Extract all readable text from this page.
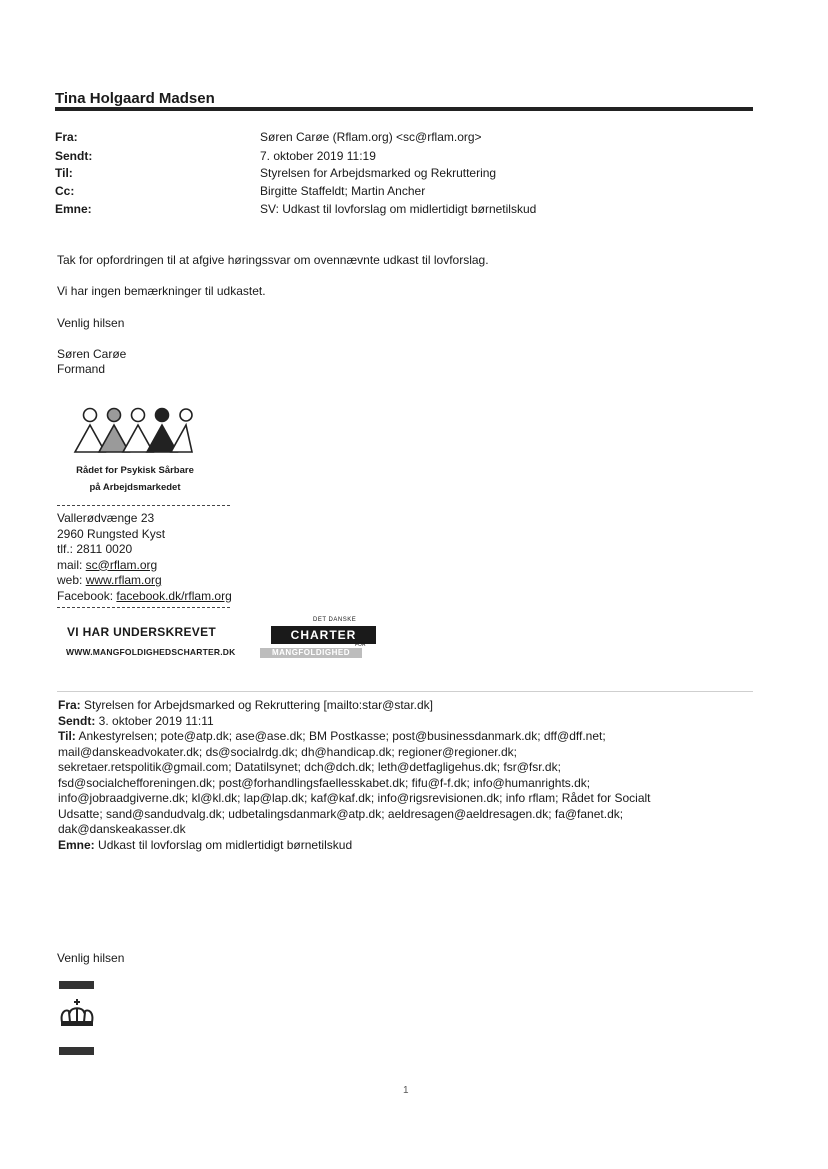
Tina Holgaard Madsen
Fra:	Søren Carøe (Rflam.org) <sc@rflam.org>
Sendt:	7. oktober 2019 11:19
Til:	Styrelsen for Arbejdsmarked og Rekruttering
Cc:	Birgitte Staffeldt; Martin Ancher
Emne:	SV: Udkast til lovforslag om midlertidigt børnetilskud
Tak for opfordringen til at afgive høringssvar om ovennævnte udkast til lovforslag.
Vi har ingen bemærkninger til udkastet.
Venlig hilsen
Søren Carøe
Formand
Rådet for Psykisk Sårbare
på Arbejdsmarkedet
Vallerødvænge 23
2960 Rungsted Kyst
tlf.: 2811 0020
mail: sc@rflam.org
web: www.rflam.org
Facebook: facebook.dk/rflam.org
VI HAR UNDERSKREVET
WWW.MANGFOLDIGHEDSCHARTER.DK
DET DANSKE
CHARTER
FOR
MANGFOLDIGHED
Fra: Styrelsen for Arbejdsmarked og Rekruttering [mailto:star@star.dk]
Sendt: 3. oktober 2019 11:11
Til: Ankestyrelsen; pote@atp.dk; ase@ase.dk; BM Postkasse; post@businessdanmark.dk; dff@dff.net;
mail@danskeadvokater.dk; ds@socialrdg.dk; dh@handicap.dk; regioner@regioner.dk;
sekretaer.retspolitik@gmail.com; Datatilsynet; dch@dch.dk; leth@detfagligehus.dk; fsr@fsr.dk;
fsd@socialchefforeningen.dk; post@forhandlingsfaellesskabet.dk; fifu@f-f.dk; info@humanrights.dk;
info@jobraadgiverne.dk; kl@kl.dk; lap@lap.dk; kaf@kaf.dk; info@rigsrevisionen.dk; info rflam; Rådet for Socialt
Udsatte; sand@sandudvalg.dk; udbetalingsdanmark@atp.dk; aeldresagen@aeldresagen.dk; fa@fanet.dk;
dak@danskeakasser.dk
Emne: Udkast til lovforslag om midlertidigt børnetilskud
Venlig hilsen
1
